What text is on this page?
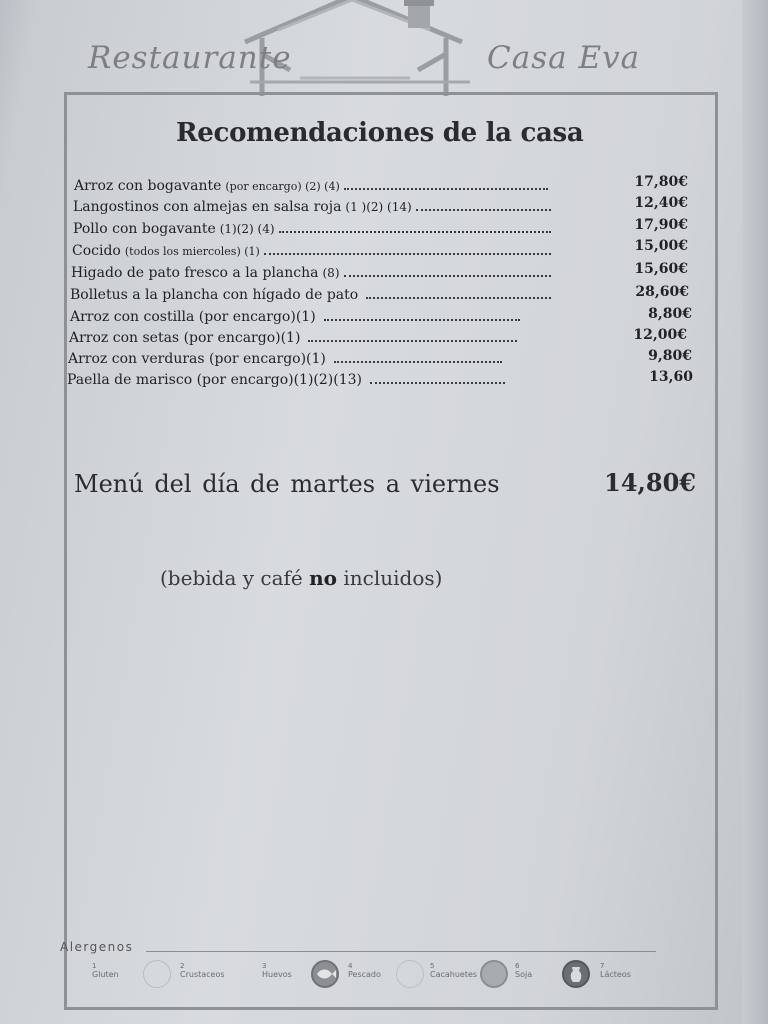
Restaurante	Casa Eva
Recomendaciones de la casa
Arroz con bogavante (por encargo) (2) (4)	17,80€
Langostinos con almejas en salsa roja (1 )(2) (14)	12,40€
Pollo con bogavante (1)(2) (4)	17,90€
Cocido (todos los miercoles) (1)	15,00€
Higado de pato fresco a la plancha (8)	15,60€
Bolletus a la plancha con hígado de pato	28,60€
Arroz con costilla (por encargo)(1)	8,80€
Arroz con setas (por encargo)(1)	12,00€
Arroz con verduras (por encargo)(1)	9,80€
Paella de marisco (por encargo)(1)(2)(13)	13,60
Menú del día de martes a viernes	14,80€
(bebida y café no incluidos)
Alergenos
1
Gluten
2
Crustaceos
3
Huevos
4
Pescado
5
Cacahuetes
6
Soja
7
Lácteos
